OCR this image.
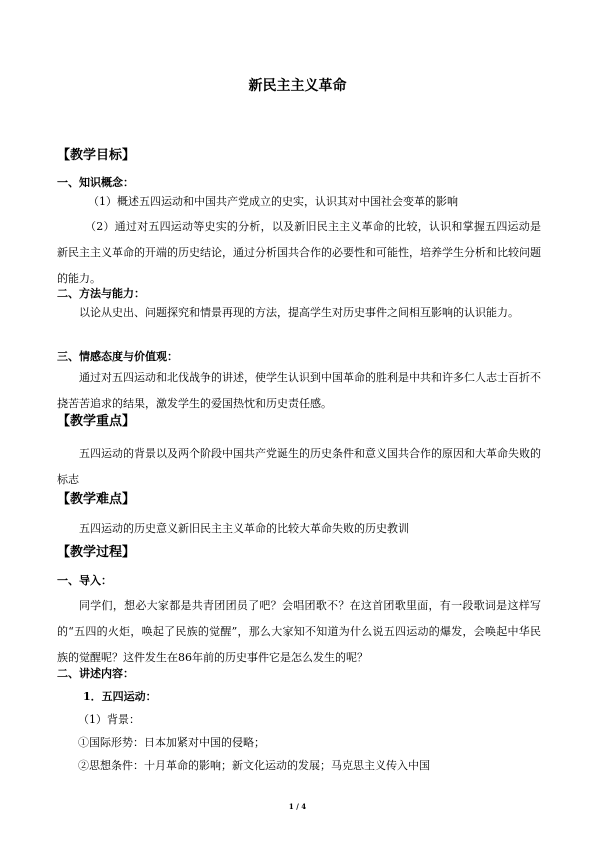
新民主主义革命
【教学目标】
一、知识概念：
（1）概述五四运动和中国共产党成立的史实，认识其对中国社会变革的影响
（2）通过对五四运动等史实的分析，以及新旧民主主义革命的比较，认识和掌握五四运动是新民主主义革命的开端的历史结论，通过分析国共合作的必要性和可能性，培养学生分析和比较问题的能力。
二、方法与能力：
以论从史出、问题探究和情景再现的方法，提高学生对历史事件之间相互影响的认识能力。
三、情感态度与价值观：
通过对五四运动和北伐战争的讲述，使学生认识到中国革命的胜利是中共和许多仁人志士百折不挠苦苦追求的结果，激发学生的爱国热忱和历史责任感。
【教学重点】
五四运动的背景以及两个阶段中国共产党诞生的历史条件和意义国共合作的原因和大革命失败的标志
【教学难点】
五四运动的历史意义新旧民主主义革命的比较大革命失败的历史教训
【教学过程】
一、导入：
同学们，想必大家都是共青团团员了吧？会唱团歌不？在这首团歌里面，有一段歌词是这样写的“五四的火炬，唤起了民族的觉醒”，那么大家知不知道为什么说五四运动的爆发，会唤起中华民族的觉醒呢？这件发生在86年前的历史事件它是怎么发生的呢？
二、讲述内容：
1．五四运动：
（1）背景：
①国际形势：日本加紧对中国的侵略；
②思想条件：十月革命的影响；新文化运动的发展；马克思主义传入中国
1 / 4
